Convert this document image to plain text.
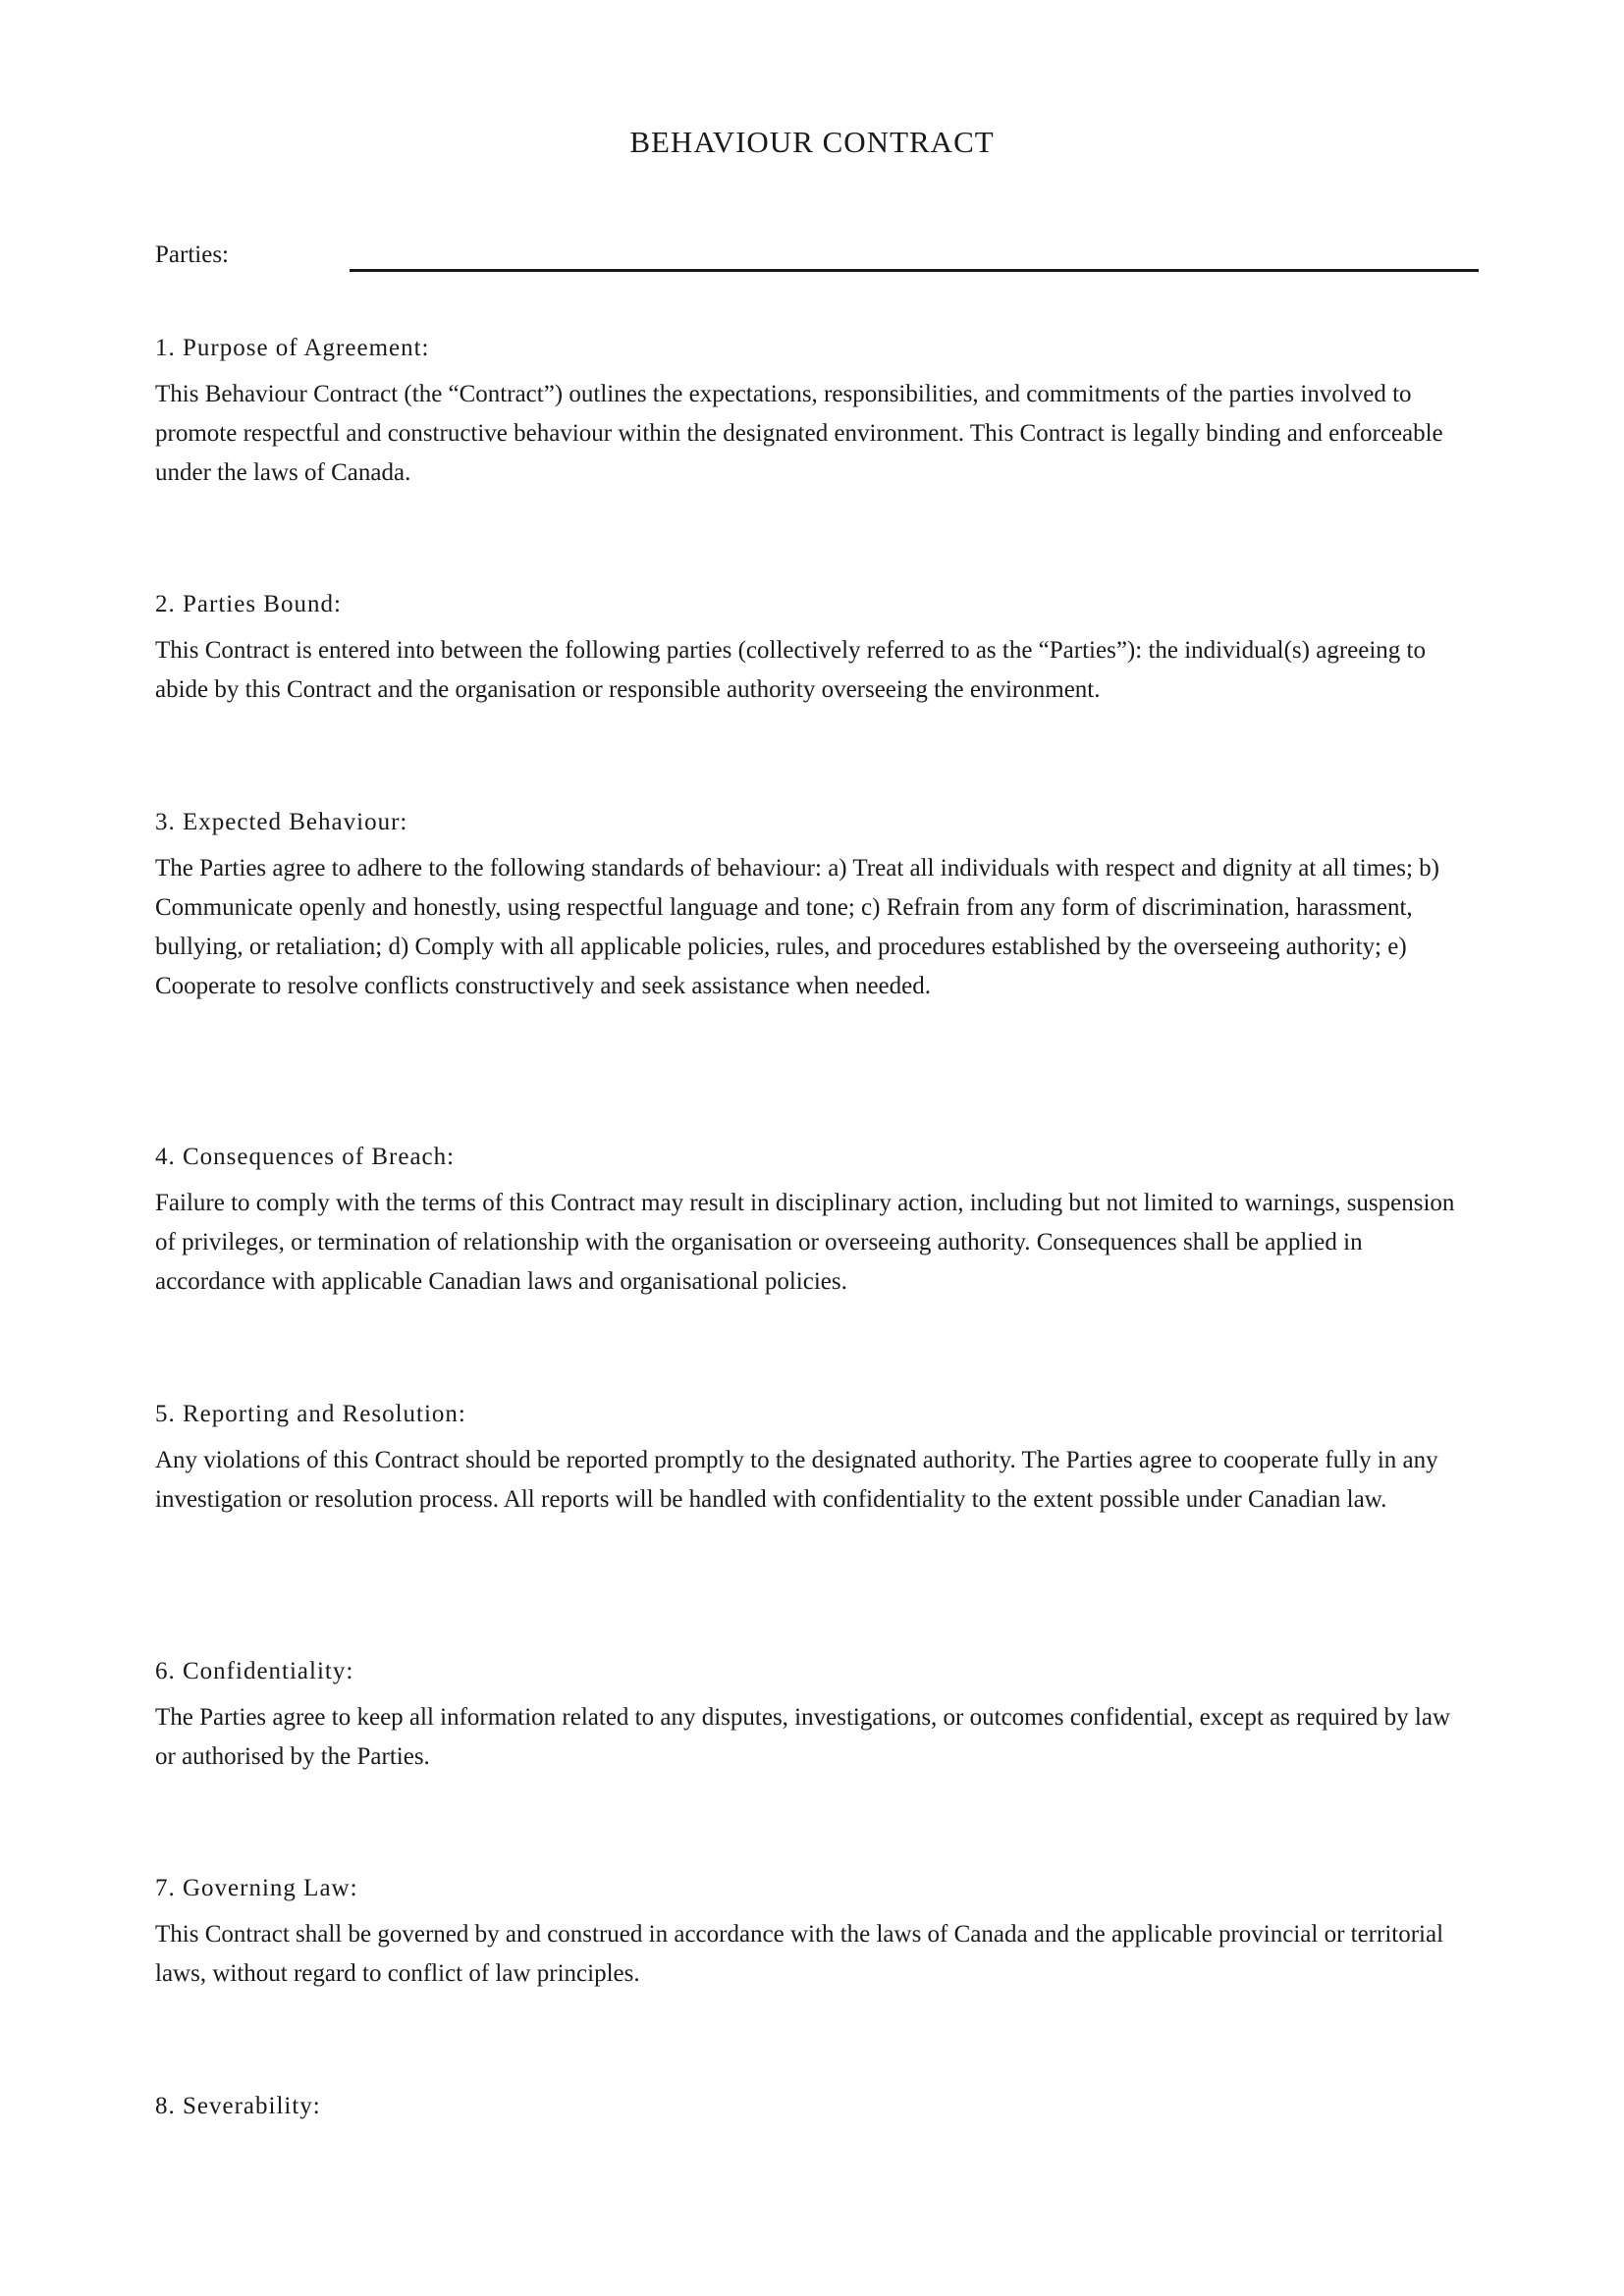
BEHAVIOUR CONTRACT
Parties:
1. Purpose of Agreement:

This Behaviour Contract (the “Contract”) outlines the expectations, responsibilities, and commitments of the parties involved to promote respectful and constructive behaviour within the designated environment. This Contract is legally binding and enforceable under the laws of Canada.

2. Parties Bound:

This Contract is entered into between the following parties (collectively referred to as the “Parties”): the individual(s) agreeing to abide by this Contract and the organisation or responsible authority overseeing the environment.

3. Expected Behaviour:

The Parties agree to adhere to the following standards of behaviour: a) Treat all individuals with respect and dignity at all times; b) Communicate openly and honestly, using respectful language and tone; c) Refrain from any form of discrimination, harassment, bullying, or retaliation; d) Comply with all applicable policies, rules, and procedures established by the overseeing authority; e) Cooperate to resolve conflicts constructively and seek assistance when needed.

4. Consequences of Breach:

Failure to comply with the terms of this Contract may result in disciplinary action, including but not limited to warnings, suspension of privileges, or termination of relationship with the organisation or overseeing authority. Consequences shall be applied in accordance with applicable Canadian laws and organisational policies.

5. Reporting and Resolution:

Any violations of this Contract should be reported promptly to the designated authority. The Parties agree to cooperate fully in any investigation or resolution process. All reports will be handled with confidentiality to the extent possible under Canadian law.

6. Confidentiality:

The Parties agree to keep all information related to any disputes, investigations, or outcomes confidential, except as required by law or authorised by the Parties.

7. Governing Law:

This Contract shall be governed by and construed in accordance with the laws of Canada and the applicable provincial or territorial laws, without regard to conflict of law principles.

8. Severability:
